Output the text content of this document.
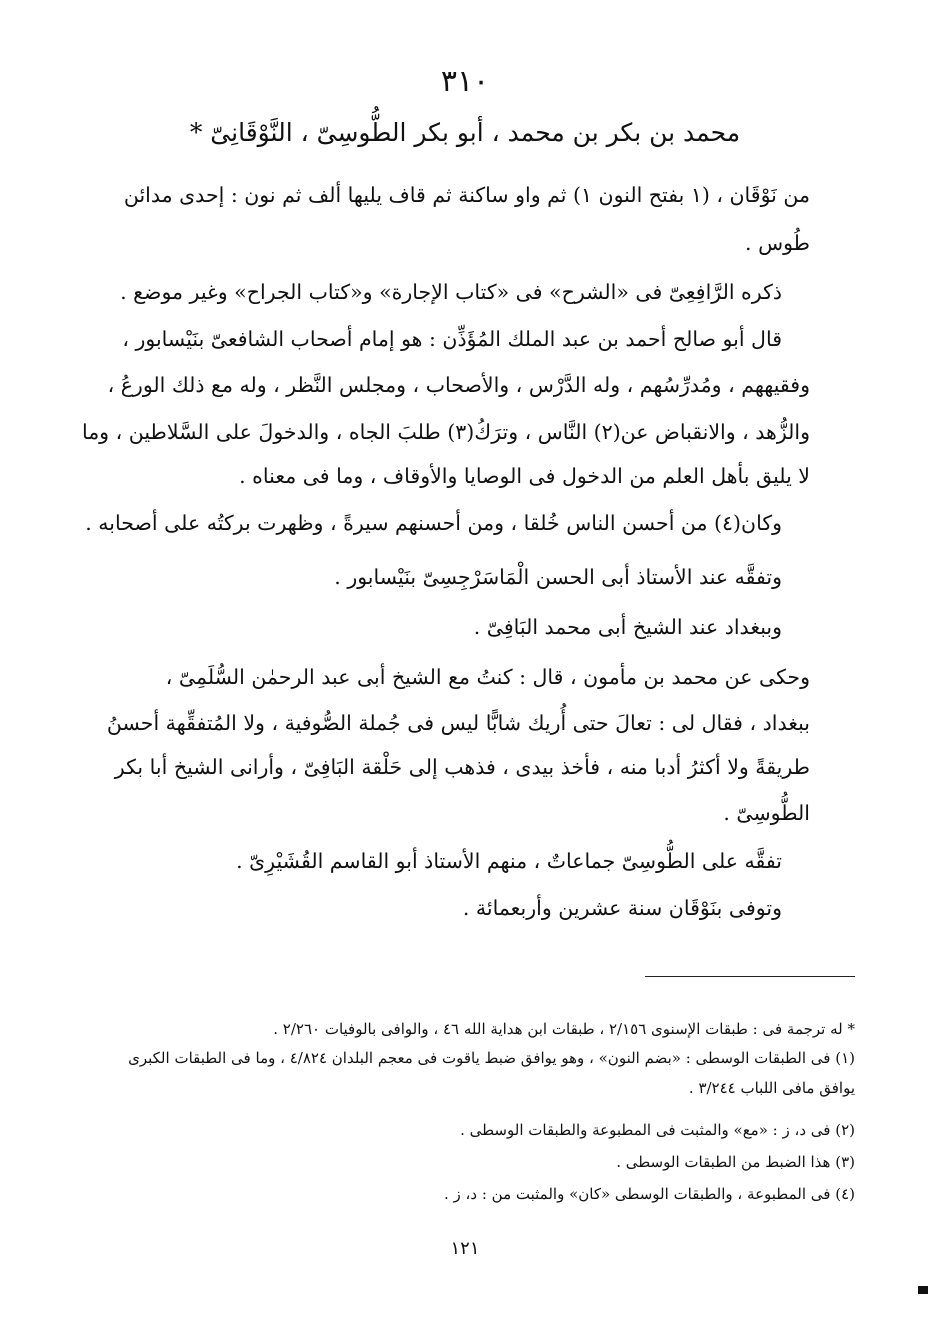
٣١٠
محمد بن بكر بن محمد ، أبو بكر الطُّوسِىّ ، النَّوْقَانِىّ *
من نَوْقَان ، (١ بفتح النون ١) ثم واو ساكنة ثم قاف يليها ألف ثم نون : إحدى مدائن
طُوس .
ذكره الرَّافِعِىّ فى «الشرح» فى «كتاب الإجارة» و«كتاب الجراح» وغير موضع .
قال أبو صالح أحمد بن عبد الملك المُؤَذِّن : هو إمام أصحاب الشافعىّ بنَيْسابور ،
وفقيههم ، ومُدرِّسُهم ، وله الدَّرْس ، والأصحاب ، ومجلس النَّظر ، وله مع ذلك الورعُ ،
والزُّهد ، والانقباض عن(٢) النَّاس ، وترَكُ(٣) طلبَ الجاه ، والدخولَ على السَّلاطين ، وما
لا يليق بأهل العلم من الدخول فى الوصايا والأوقاف ، وما فى معناه .
وكان(٤) من أحسن الناس خُلقا ، ومن أحسنهم سيرةً ، وظهرت بركتُه على أصحابه .
وتفقَّه عند الأستاذ أبى الحسن الْمَاسَرْجِسِىّ بنَيْسابور .
وببغداد عند الشيخ أبى محمد البَافِىّ .
وحكى عن محمد بن مأمون ، قال : كنتُ مع الشيخ أبى عبد الرحمٰن السُّلَمِىّ ،
ببغداد ، فقال لى : تعالَ حتى أُريك شابًّا ليس فى جُملة الصُّوفية ، ولا المُتفقِّهة أحسنُ
طريقةً ولا أكثرُ أدبا منه ، فأخذ بيدى ، فذهب إلى حَلْقة البَافِىّ ، وأرانى الشيخ أبا بكر
الطُّوسِىّ .
تفقَّه على الطُّوسِىّ جماعاتٌ ، منهم الأستاذ أبو القاسم القُشَيْرِىّ .
وتوفى بنَوْقَان سنة عشرين وأربعمائة .
* له ترجمة فى : طبقات الإسنوى ٢/١٥٦ ، طبقات ابن هداية الله ٤٦ ، والوافى بالوفيات ٢/٢٦٠ .
(١) فى الطبقات الوسطى : «بضم النون» ، وهو يوافق ضبط ياقوت فى معجم البلدان ٤/٨٢٤ ، وما فى الطبقات الكبرى
يوافق مافى اللباب ٣/٢٤٤ .
(٢) فى د، ز : «مع» والمثبت فى المطبوعة والطبقات الوسطى .
(٣) هذا الضبط من الطبقات الوسطى .
(٤) فى المطبوعة ، والطبقات الوسطى «كان» والمثبت من : د، ز .
١٢١
